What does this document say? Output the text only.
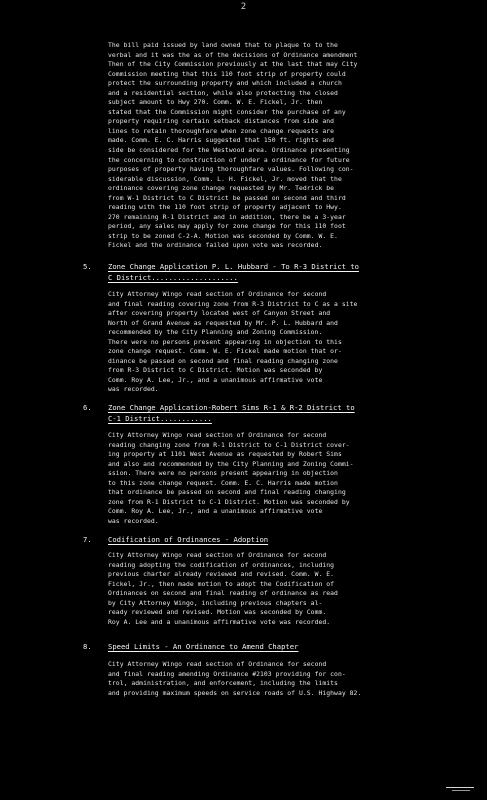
2
The bill paid issued by land owned that to plaque to to the
verbal and it was the as of the decisions of Ordinance amendment
Then of the City Commission previously at the last that may City
Commission meeting that this 110 foot strip of property could
protect the surrounding property and which included a church
and a residential section, while also protecting the closed
subject amount to Hwy 270. Comm. W. E. Fickel, Jr. then
stated that the Commission might consider the purchase of any
property requiring certain setback distances from side and
lines to retain thoroughfare when zone change requests are
made. Comm. E. C. Harris suggested that 150 ft. rights and
side be considered for the Westwood area. Ordinance presenting
the concerning to construction of under a ordinance for future
purposes of property having thoroughfare values. Following con-
siderable discussion, Comm. L. H. Fickel, Jr. moved that the
ordinance covering zone change requested by Mr. Tedrick be
from W-1 District to C District be passed on second and third
reading with the 110 foot strip of property adjacent to Hwy.
270 remaining R-1 District and in addition, there be a 3-year
period, any sales may apply for zone change for this 110 foot
strip to be zoned C-2-A. Motion was seconded by Comm. W. E.
Fickel and the ordinance failed upon vote was recorded.
5. Zone Change Application P. L. Hubbard - To R-3 District to
C District....................
City Attorney Wingo read section of Ordinance for second
and final reading covering zone from R-3 District to C as a site
after covering property located west of Canyon Street and
North of Grand Avenue as requested by Mr. P. L. Hubbard and
recommended by the City Planning and Zoning Commission.
There were no persons present appearing in objection to this
zone change request. Comm. W. E. Fickel made motion that or-
dinance be passed on second and final reading changing zone
from R-3 District to C District. Motion was seconded by
Comm. Roy A. Lee, Jr., and a unanimous affirmative vote
was recorded.
6. Zone Change Application-Robert Sims R-1 & R-2 District to
C-1 District............
City Attorney Wingo read section of Ordinance for second
reading changing zone from R-1 District to C-1 District cover-
ing property at 1101 West Avenue as requested by Robert Sims
and also and recommended by the City Planning and Zoning Commi-
ssion. There were no persons present appearing in objection
to this zone change request. Comm. E. C. Harris made motion
that ordinance be passed on second and final reading changing
zone from R-1 District to C-1 District. Motion was seconded by
Comm. Roy A. Lee, Jr., and a unanimous affirmative vote
was recorded.
7. Codification of Ordinances - Adoption
City Attorney Wingo read section of Ordinance for second
reading adopting the codification of ordinances, including
previous charter already reviewed and revised. Comm. W. E.
Fickel, Jr., then made motion to adopt the Codification of
Ordinances on second and final reading of ordinance as read
by City Attorney Wingo, including previous chapters al-
ready reviewed and revised. Motion was seconded by Comm.
Roy A. Lee and a unanimous affirmative vote was recorded.
8. Speed Limits - An Ordinance to Amend Chapter
City Attorney Wingo read section of Ordinance for second
and final reading amending Ordinance #2103 providing for con-
trol, administration, and enforcement, including the limits
and providing maximum speeds on service roads of U.S. Highway 82.
